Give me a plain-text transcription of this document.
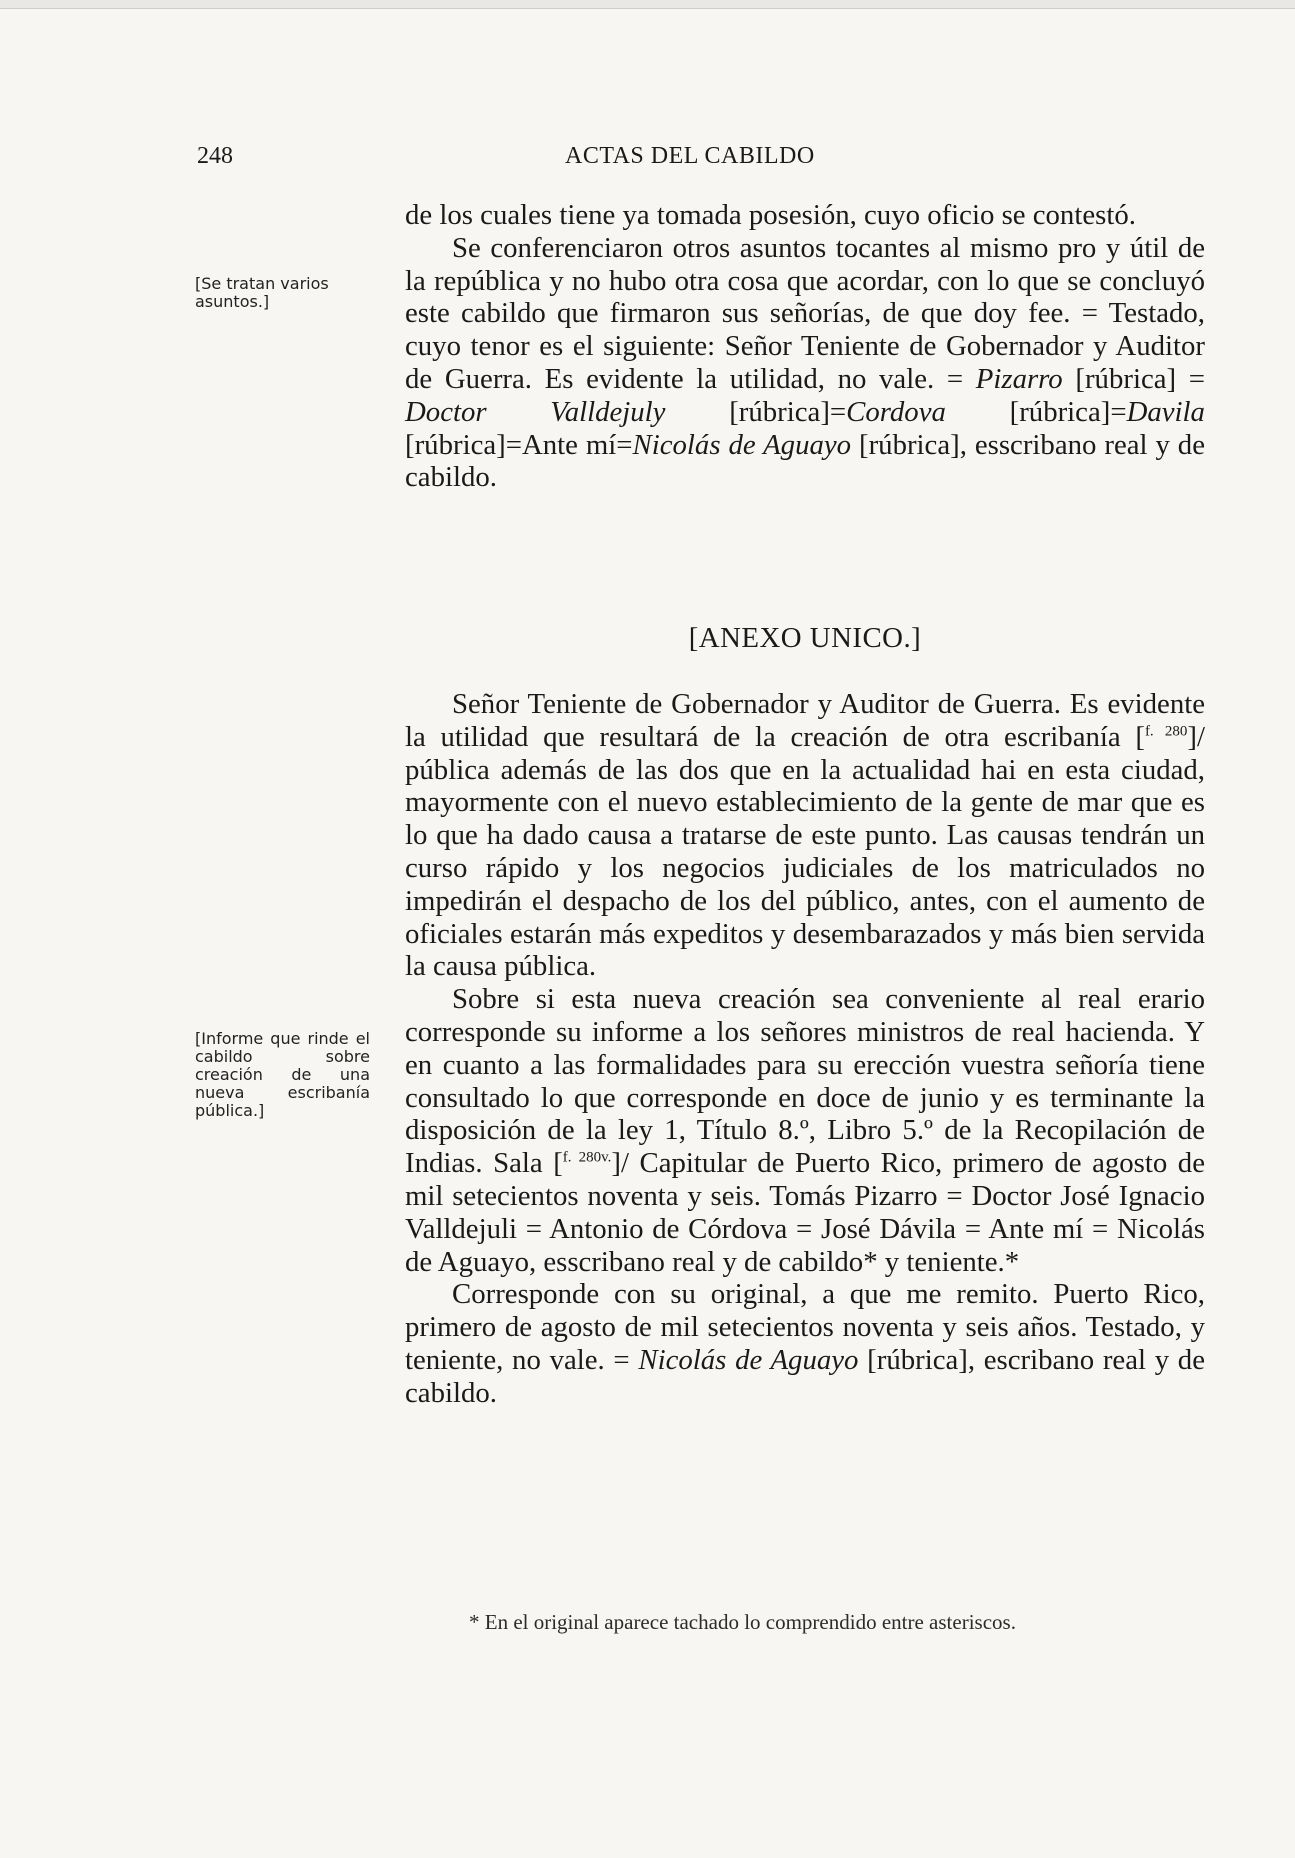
248	ACTAS DEL CABILDO
[Se tratan varios asuntos.]

de los cuales tiene ya tomada posesión, cuyo oficio se contestó.

Se conferenciaron otros asuntos tocantes al mismo pro y útil de la república y no hubo otra cosa que acordar, con lo que se concluyó este cabildo que firmaron sus señorías, de que doy fee. = Testado, cuyo tenor es el siguiente: Señor Teniente de Gobernador y Auditor de Guerra. Es evidente la utilidad, no vale. = Pizarro [rúbrica] = Doctor Valldejuly [rúbrica]=Cordova [rúbrica]=Davila [rúbrica]=Ante mí=Nicolás de Aguayo [rúbrica], esscribano real y de cabildo.

[ANEXO UNICO.]

Señor Teniente de Gobernador y Auditor de Guerra. Es evidente la utilidad que resultará de la creación de otra escribanía [$^{f. 280}$]/ pública además de las dos que en la actualidad hai en esta ciudad, mayormente con el nuevo establecimiento de la gente de mar que es lo que ha dado causa a tratarse de este punto. Las causas tendrán un curso rápido y los negocios judiciales de los matriculados no impedirán el despacho de los del público, antes, con el aumento de oficiales estarán más expeditos y desembarazados y más bien servida la causa pública.

Sobre si esta nueva creación sea conveniente al real erario corresponde su informe a los señores ministros de real hacienda. Y en cuanto a las formalidades para su erección vuestra señoría tiene consultado lo que corresponde en doce de junio y es terminante la disposición de la ley 1, Título 8.º, Libro 5.º de la Recopilación de Indias. Sala [$^{f. 280v.}$]/ Capitular de Puerto Rico, primero de agosto de mil setecientos noventa y seis. Tomás Pizarro = Doctor José Ignacio Valldejuli = Antonio de Córdova = José Dávila = Ante mí = Nicolás de Aguayo, esscribano real y de cabildo* y teniente.*

Corresponde con su original, a que me remito. Puerto Rico, primero de agosto de mil setecientos noventa y seis años. Testado, y teniente, no vale. = Nicolás de Aguayo [rúbrica], escribano real y de cabildo.

[Informe que rinde el cabildo sobre creación de una nueva escribanía pública.]
* En el original aparece tachado lo comprendido entre asteriscos.
